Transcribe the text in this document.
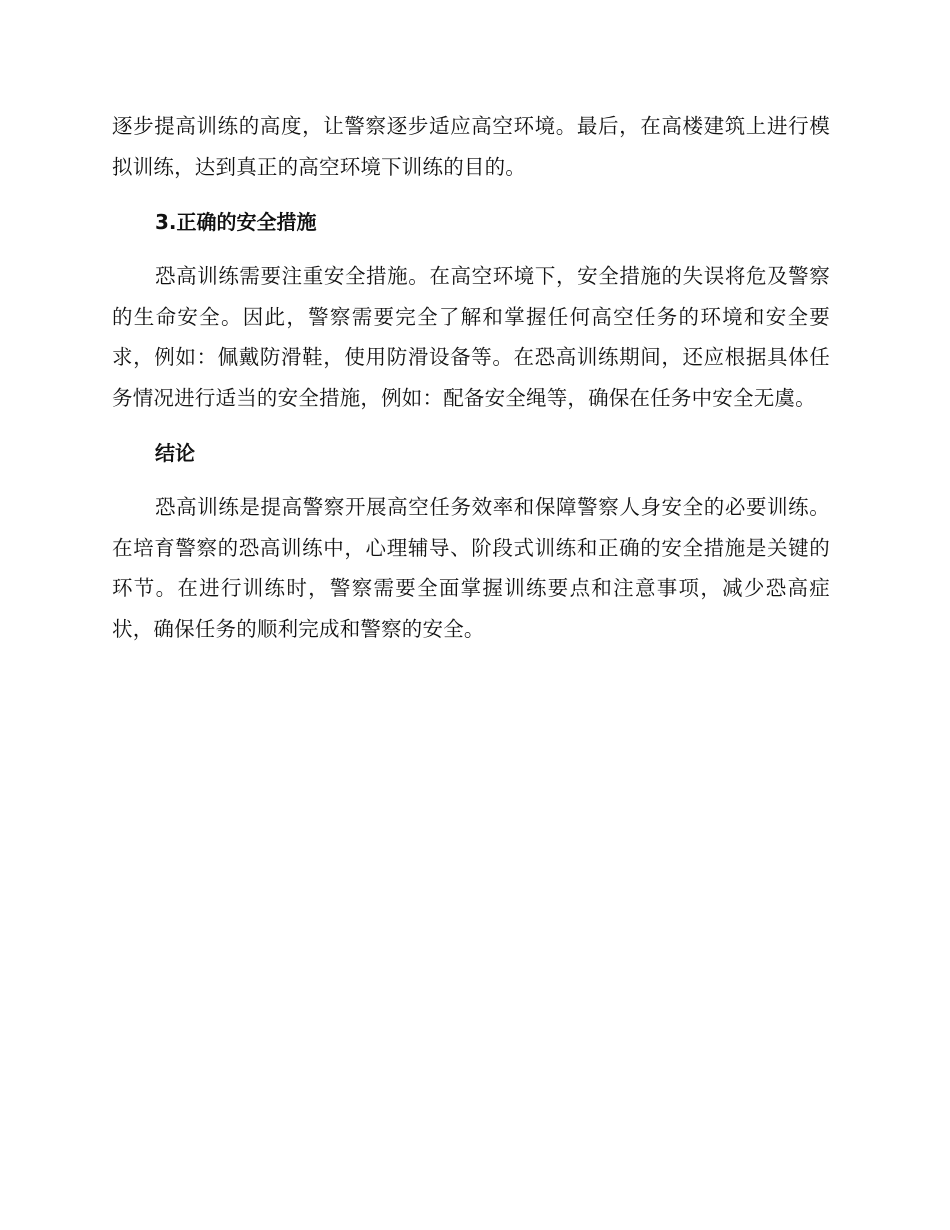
逐步提高训练的高度，让警察逐步适应高空环境。最后，在高楼建筑上进行模拟训练，达到真正的高空环境下训练的目的。

3.正确的安全措施

恐高训练需要注重安全措施。在高空环境下，安全措施的失误将危及警察的生命安全。因此，警察需要完全了解和掌握任何高空任务的环境和安全要求，例如：佩戴防滑鞋，使用防滑设备等。在恐高训练期间，还应根据具体任务情况进行适当的安全措施，例如：配备安全绳等，确保在任务中安全无虞。

结论

恐高训练是提高警察开展高空任务效率和保障警察人身安全的必要训练。在培育警察的恐高训练中，心理辅导、阶段式训练和正确的安全措施是关键的环节。在进行训练时，警察需要全面掌握训练要点和注意事项，减少恐高症状，确保任务的顺利完成和警察的安全。
